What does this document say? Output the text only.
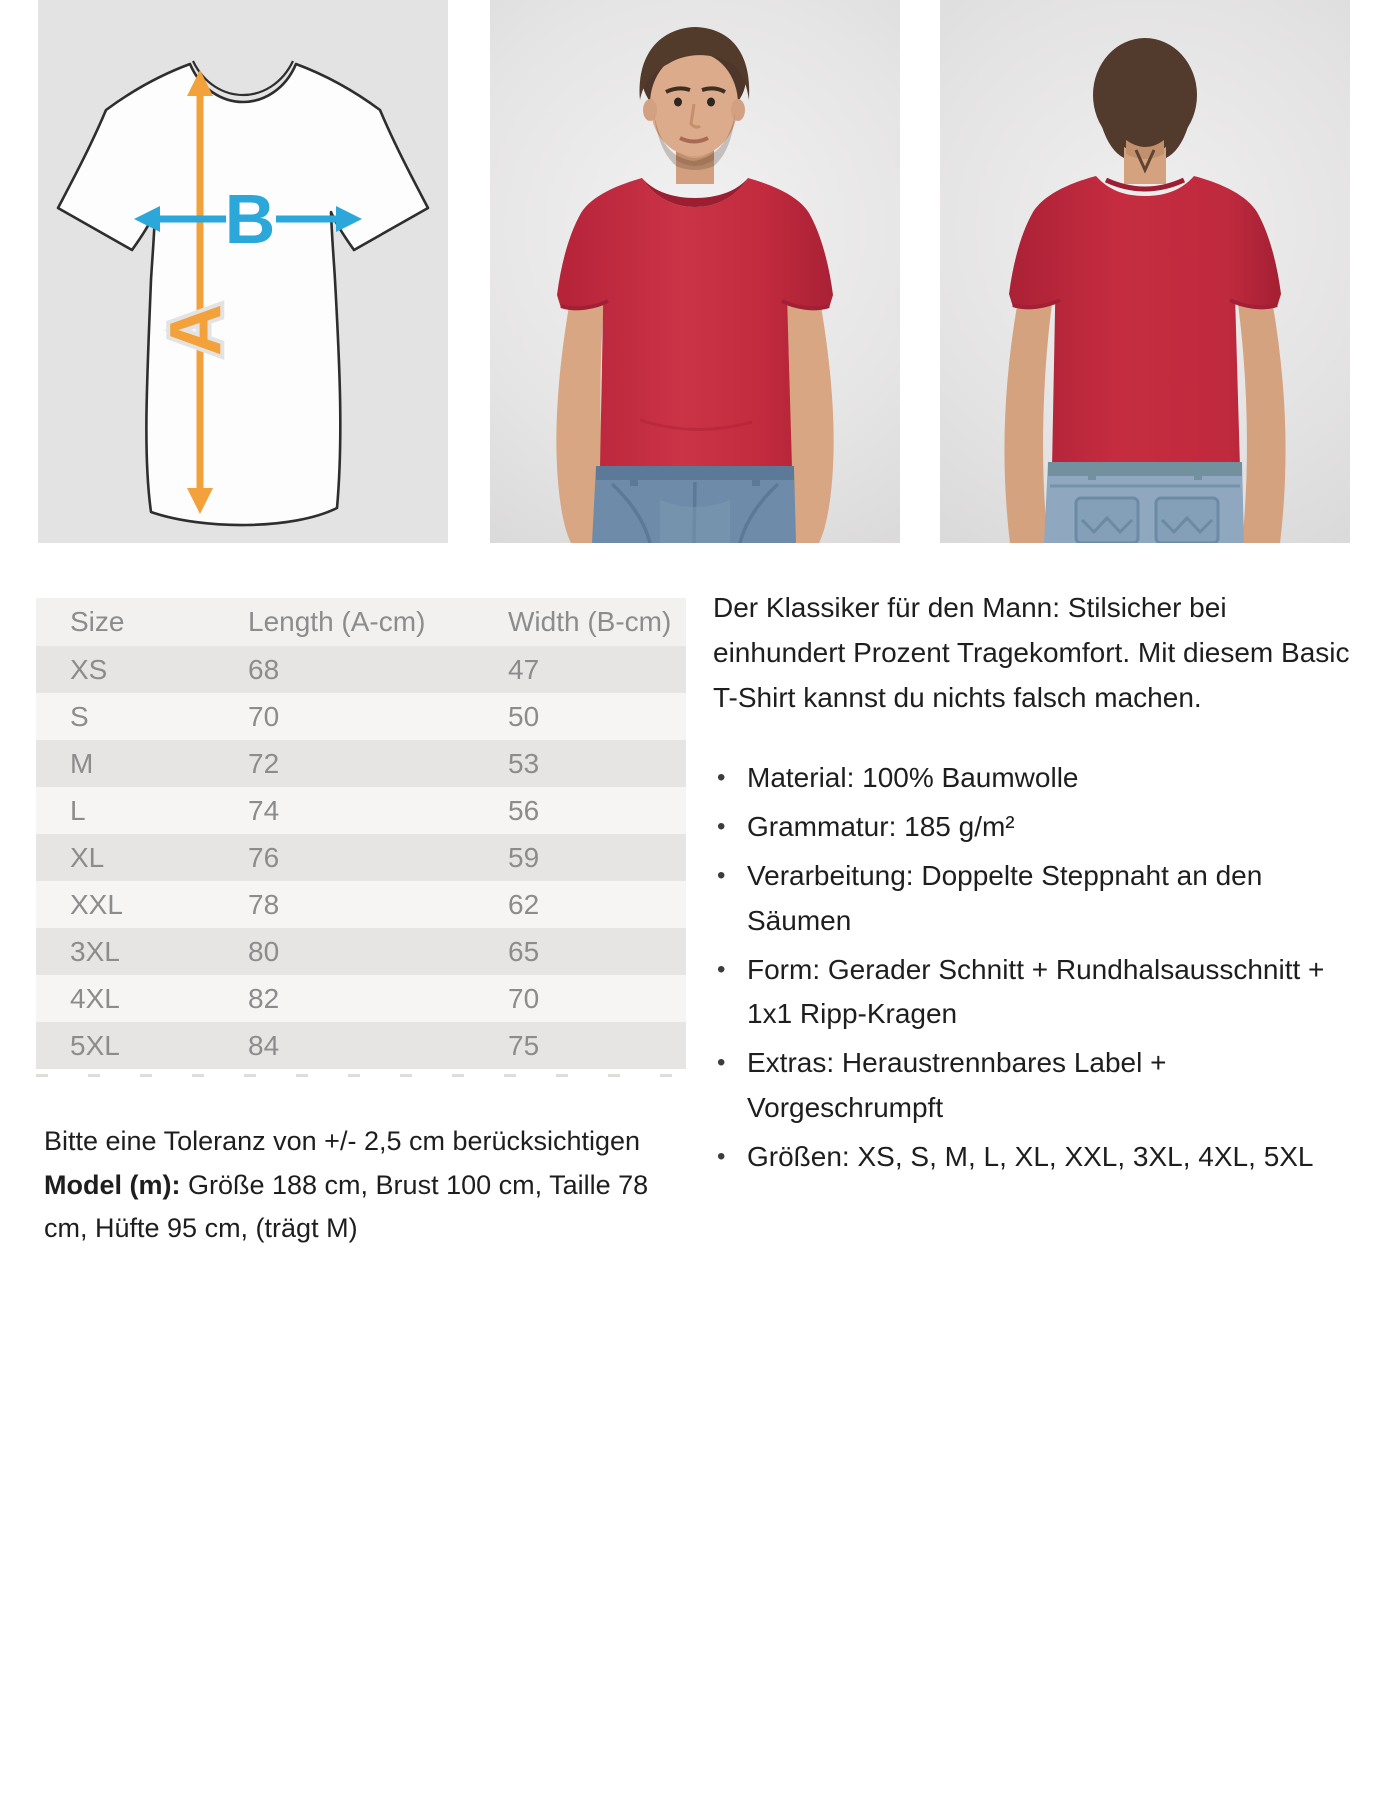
A
B
Size	Length (A-cm)	Width (B-cm)
XS	68	47
S	70	50
M	72	53
L	74	56
XL	76	59
XXL	78	62
3XL	80	65
4XL	82	70
5XL	84	75
Bitte eine Toleranz von +/- 2,5 cm berücksichtigen
Model (m): Größe 188 cm, Brust 100 cm, Taille 78 cm, Hüfte 95 cm, (trägt M)

Der Klassiker für den Mann: Stilsicher bei einhundert Prozent Tragekomfort. Mit diesem Basic T-Shirt kannst du nichts falsch machen.

• Material: 100% Baumwolle
• Grammatur: 185 g/m²
• Verarbeitung: Doppelte Steppnaht an den Säumen
• Form: Gerader Schnitt + Rundhalsausschnitt + 1x1 Ripp-Kragen
• Extras: Heraustrennbares Label + Vorgeschrumpft
• Größen: XS, S, M, L, XL, XXL, 3XL, 4XL, 5XL
